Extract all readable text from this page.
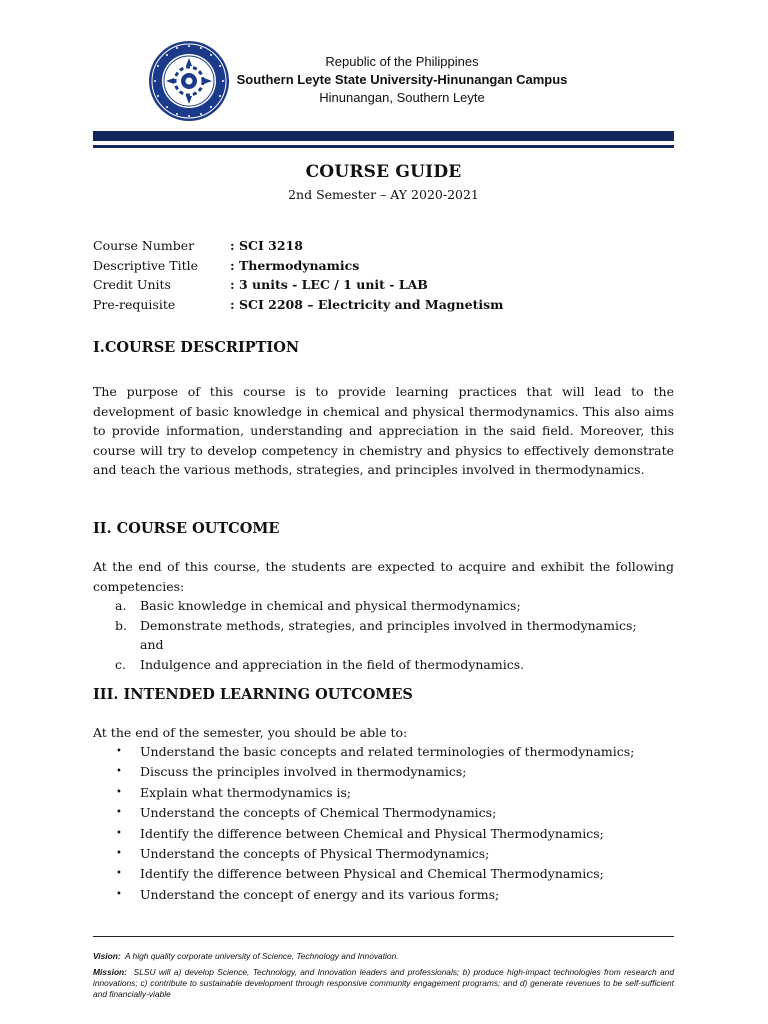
Republic of the Philippines
Southern Leyte State University-Hinunangan Campus
Hinunangan, Southern Leyte
COURSE GUIDE
2nd Semester – AY 2020-2021
Course Number	: SCI 3218
Descriptive Title	: Thermodynamics
Credit Units	: 3 units - LEC / 1 unit - LAB
Pre-requisite	: SCI 2208 – Electricity and Magnetism
I.COURSE DESCRIPTION
The purpose of this course is to provide learning practices that will lead to the development of basic knowledge in chemical and physical thermodynamics. This also aims to provide information, understanding and appreciation in the said field. Moreover, this course will try to develop competency in chemistry and physics to effectively demonstrate and teach the various methods, strategies, and principles involved in thermodynamics.
II. COURSE OUTCOME
At the end of this course, the students are expected to acquire and exhibit the following competencies:
a. Basic knowledge in chemical and physical thermodynamics;
b. Demonstrate methods, strategies, and principles involved in thermodynamics; and
c. Indulgence and appreciation in the field of thermodynamics.
III. INTENDED LEARNING OUTCOMES
At the end of the semester, you should be able to:
• Understand the basic concepts and related terminologies of thermodynamics;
• Discuss the principles involved in thermodynamics;
• Explain what thermodynamics is;
• Understand the concepts of Chemical Thermodynamics;
• Identify the difference between Chemical and Physical Thermodynamics;
• Understand the concepts of Physical Thermodynamics;
• Identify the difference between Physical and Chemical Thermodynamics;
• Understand the concept of energy and its various forms;
Vision: A high quality corporate university of Science, Technology and Innovation.
Mission: SLSU will a) develop Science, Technology, and Innovation leaders and professionals; b) produce high-impact technologies from research and innovations; c) contribute to sustainable development through responsive community engagement programs; and d) generate revenues to be self-sufficient and financially-viable
